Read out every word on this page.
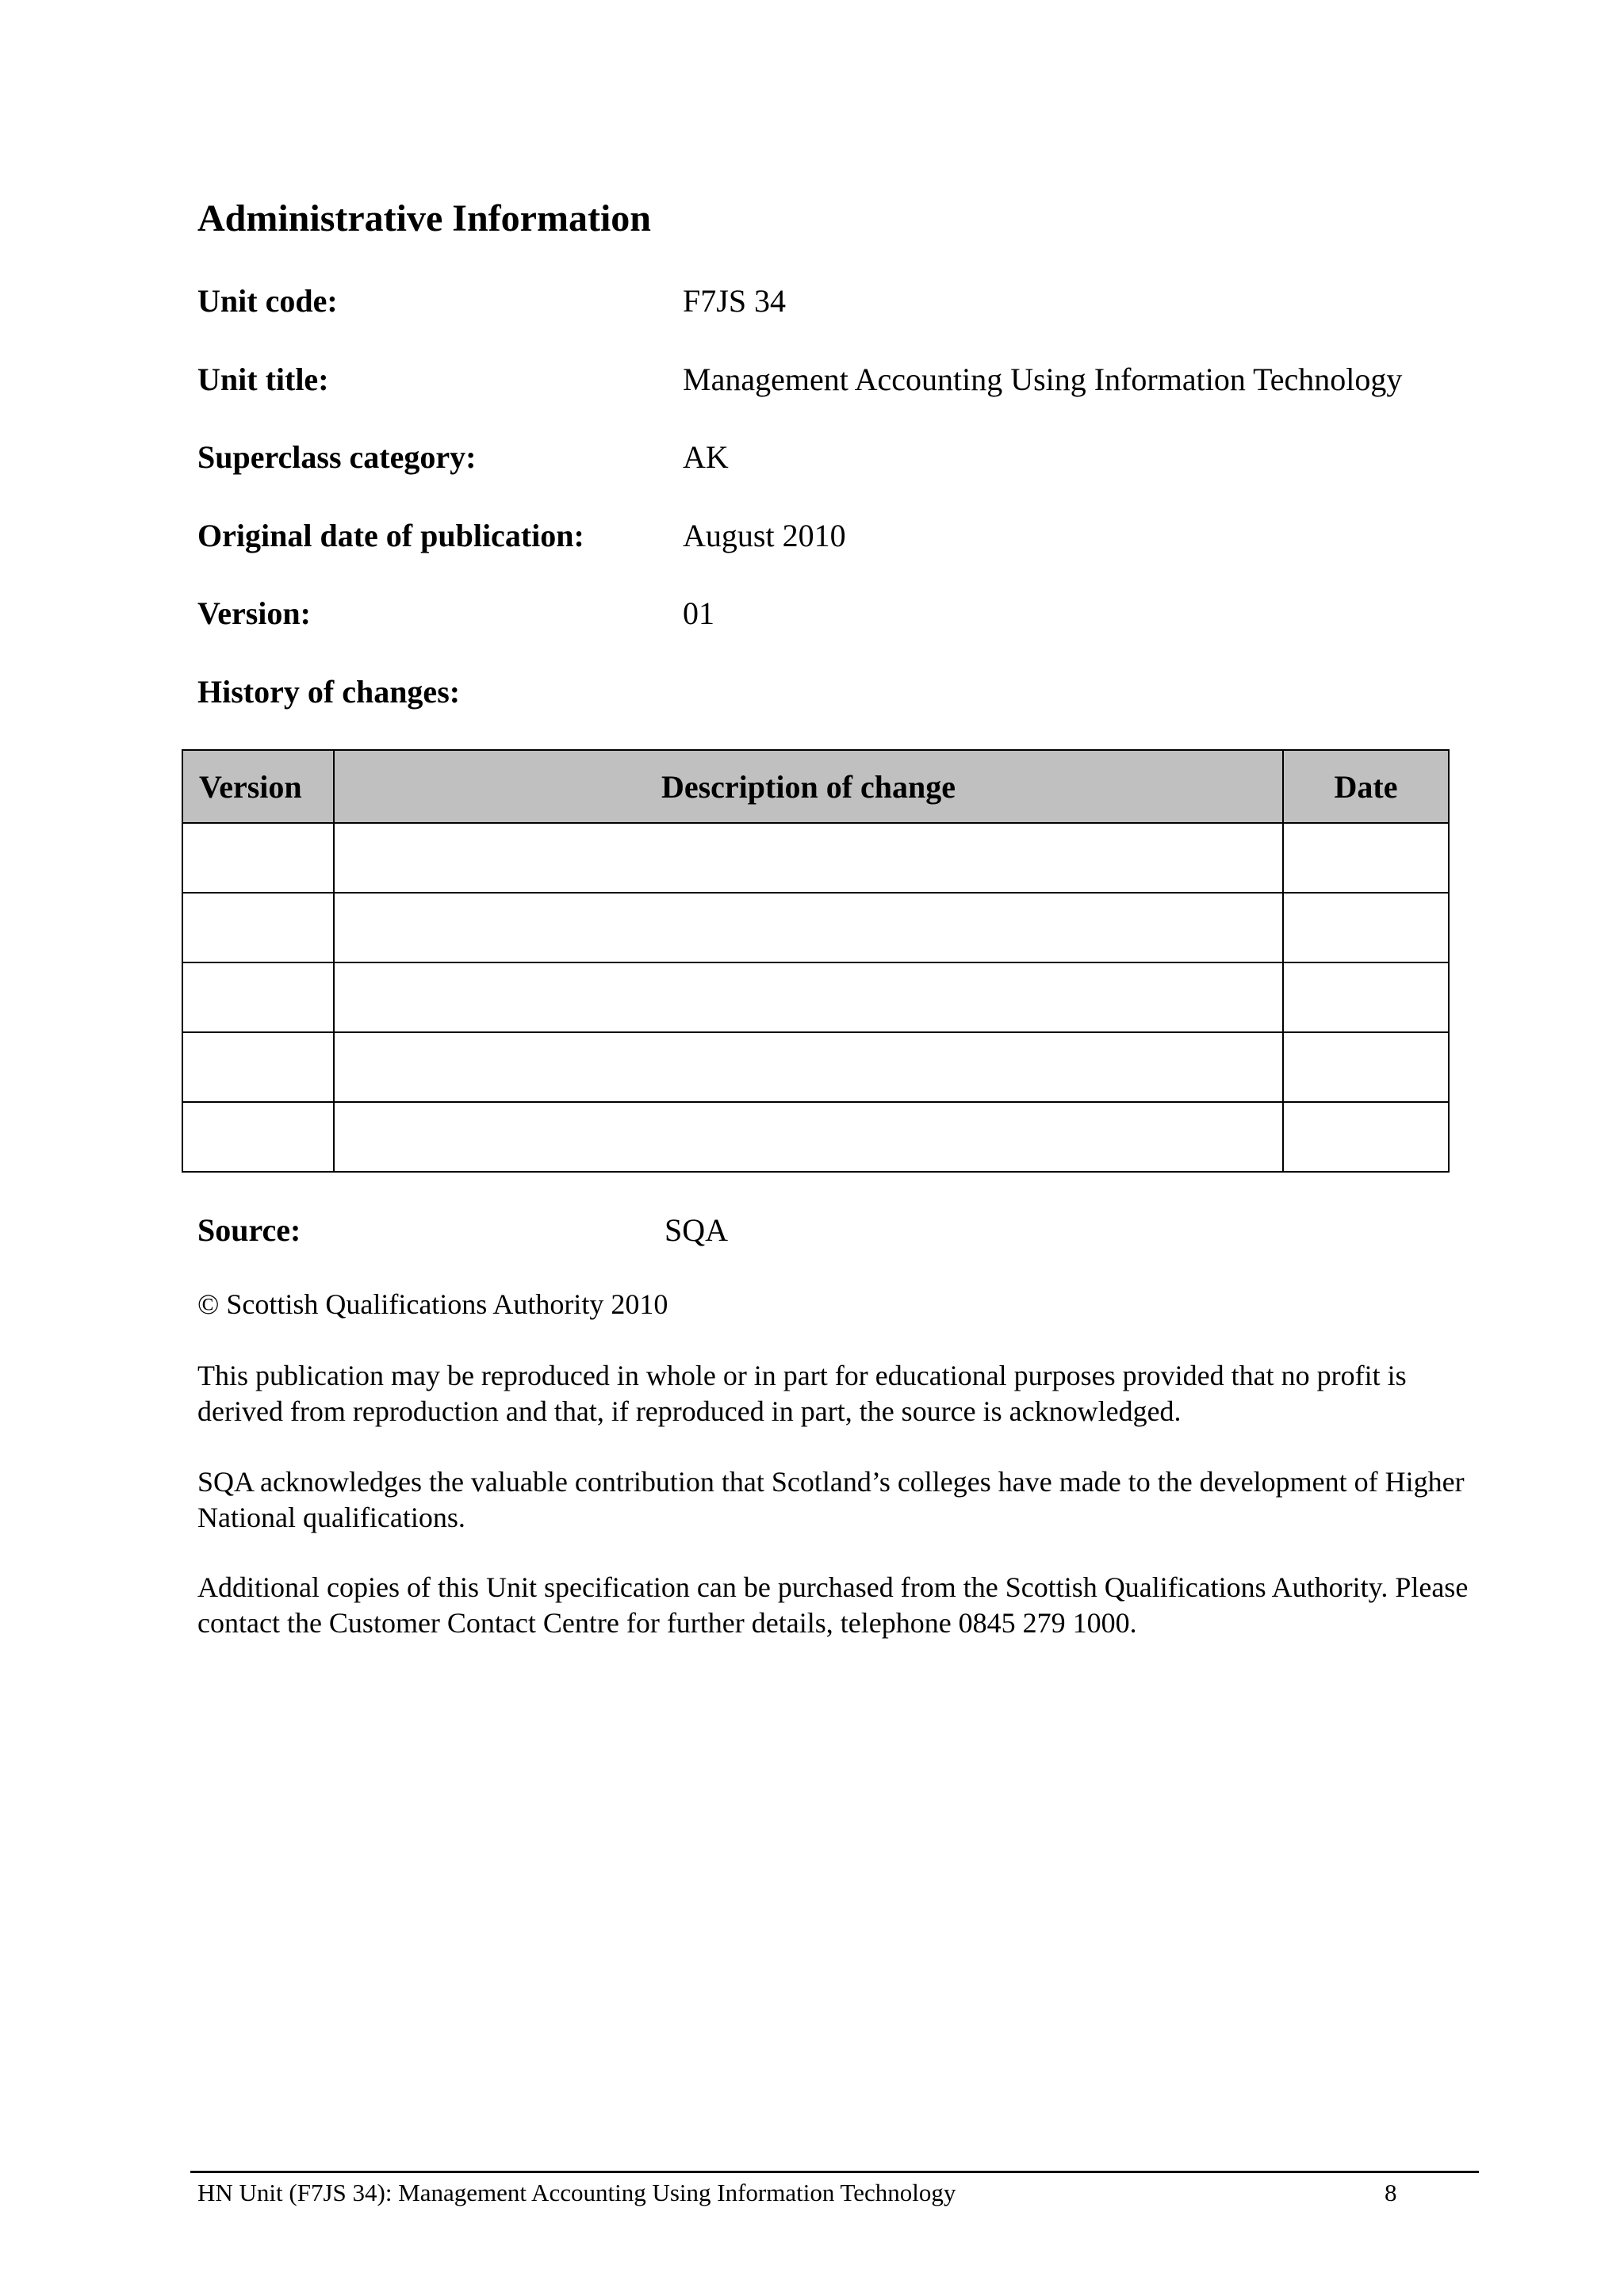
Administrative Information
Unit code:	F7JS 34
Unit title:	Management Accounting Using Information Technology
Superclass category:	AK
Original date of publication:	August 2010
Version:	01
History of changes:
Version	Description of change	Date

Source:	SQA
© Scottish Qualifications Authority 2010
This publication may be reproduced in whole or in part for educational purposes provided that no profit is derived from reproduction and that, if reproduced in part, the source is acknowledged.
SQA acknowledges the valuable contribution that Scotland’s colleges have made to the development of Higher National qualifications.
Additional copies of this Unit specification can be purchased from the Scottish Qualifications Authority. Please contact the Customer Contact Centre for further details, telephone 0845 279 1000.
HN Unit (F7JS 34): Management Accounting Using Information Technology	8
